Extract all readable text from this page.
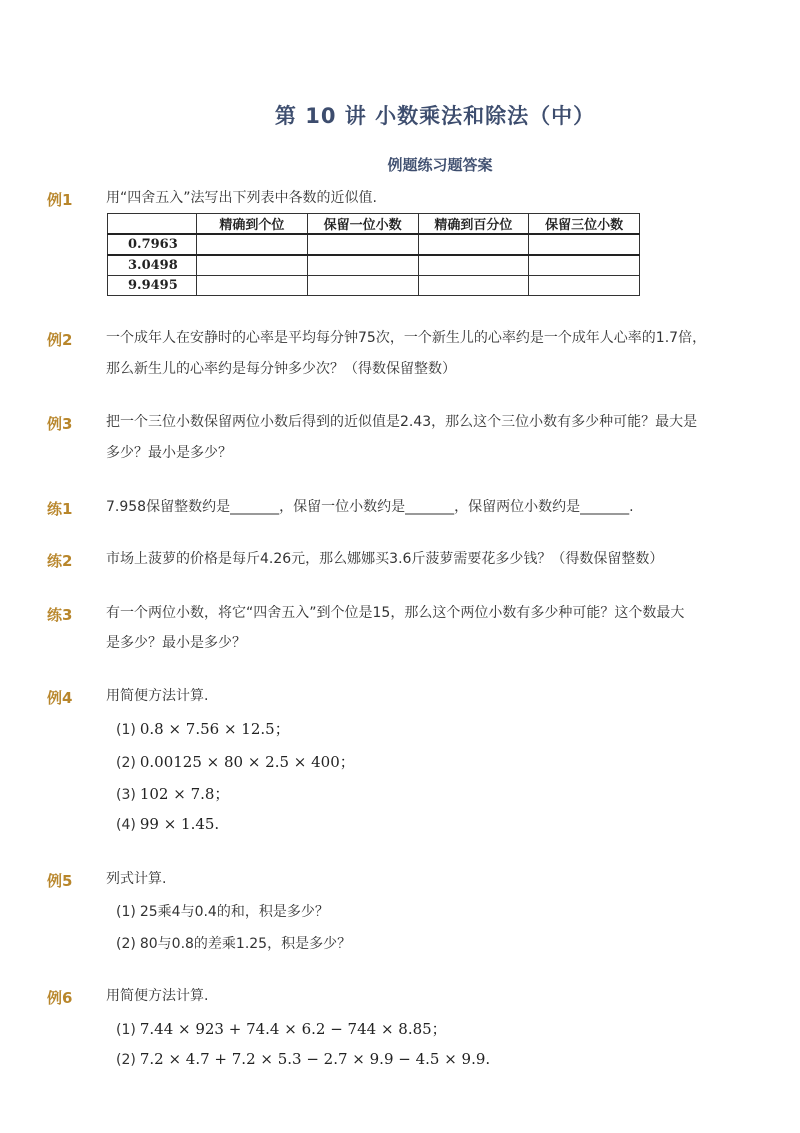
第 10 讲 小数乘法和除法（中）
例题练习题答案
例1 用“四舍五入”法写出下列表中各数的近似值.
	精确到个位	保留一位小数	精确到百分位	保留三位小数
0.7963				
3.0498				
9.9495				
例2 一个成年人在安静时的心率是平均每分钟75次，一个新生儿的心率约是一个成年人心率的1.7倍，
那么新生儿的心率约是每分钟多少次？（得数保留整数）
例3 把一个三位小数保留两位小数后得到的近似值是2.43，那么这个三位小数有多少种可能？最大是
多少？最小是多少？
练1 7.958保留整数约是_______，保留一位小数约是_______，保留两位小数约是_______.
练2 市场上菠萝的价格是每斤4.26元，那么娜娜买3.6斤菠萝需要花多少钱？（得数保留整数）
练3 有一个两位小数，将它“四舍五入”到个位是15，那么这个两位小数有多少种可能？这个数最大
是多少？最小是多少？
例4 用简便方法计算.
(1) 0.8 × 7.56 × 12.5；
(2) 0.00125 × 80 × 2.5 × 400；
(3) 102 × 7.8；
(4) 99 × 1.45.
例5 列式计算.
(1) 25乘4与0.4的和，积是多少？
(2) 80与0.8的差乘1.25，积是多少？
例6 用简便方法计算.
(1) 7.44 × 923 + 74.4 × 6.2 − 744 × 8.85；
(2) 7.2 × 4.7 + 7.2 × 5.3 − 2.7 × 9.9 − 4.5 × 9.9.
